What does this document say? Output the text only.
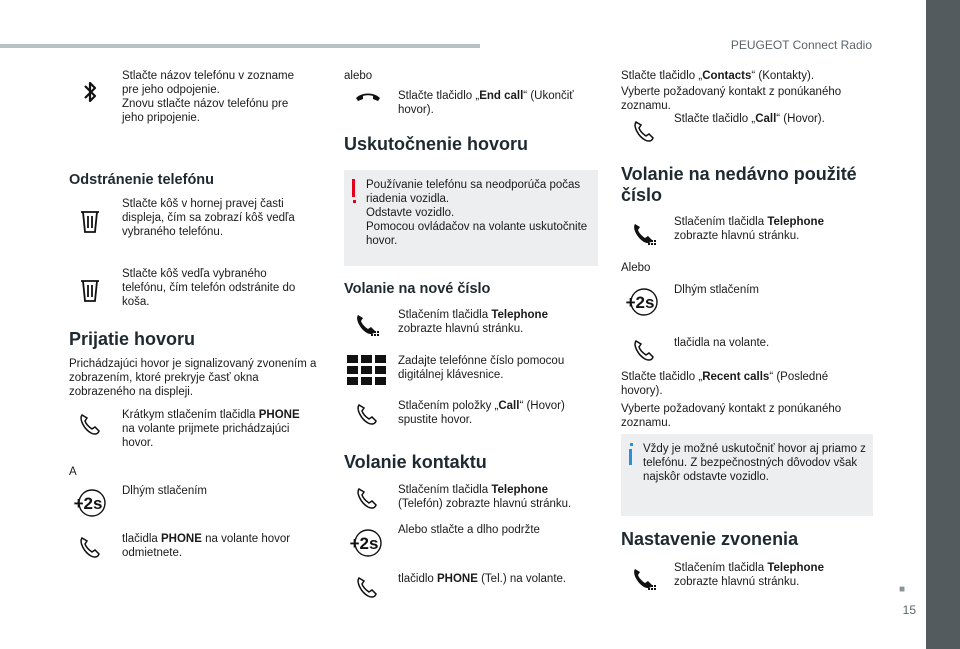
PEUGEOT Connect Radio
■
15
Stlačte názov telefónu v zozname pre jeho odpojenie.
Znovu stlačte názov telefónu pre jeho pripojenie.
Odstránenie telefónu
Stlačte kôš v hornej pravej časti displeja, čím sa zobrazí kôš vedľa vybraného telefónu.
Stlačte kôš vedľa vybraného telefónu, čím telefón odstránite do koša.
Prijatie hovoru
Prichádzajúci hovor je signalizovaný zvonením a zobrazením, ktoré prekryje časť okna zobrazeného na displeji.
Krátkym stlačením tlačidla PHONE
na volante prijmete prichádzajúci hovor.
A
+2s
Dlhým stlačením
tlačidla PHONE na volante hovor odmietnete.
alebo
Stlačte tlačidlo „End call“ (Ukončiť hovor).
Uskutočnenie hovoru
Používanie telefónu sa neodporúča počas riadenia vozidla.
Odstavte vozidlo.
Pomocou ovládačov na volante uskutočnite hovor.
Volanie na nové číslo
Stlačením tlačidla Telephone
zobrazte hlavnú stránku.
Zadajte telefónne číslo pomocou digitálnej klávesnice.
Stlačením položky „Call“ (Hovor) spustite hovor.
Volanie kontaktu
Stlačením tlačidla Telephone
(Telefón) zobrazte hlavnú stránku.
+2s
Alebo stlačte a dlho podržte
tlačidlo PHONE (Tel.) na volante.
Stlačte tlačidlo „Contacts“ (Kontakty).
Vyberte požadovaný kontakt z ponúkaného zoznamu.
Stlačte tlačidlo „Call“ (Hovor).
Volanie na nedávno použité číslo
Stlačením tlačidla Telephone
zobrazte hlavnú stránku.
Alebo
+2s
Dlhým stlačením
tlačidla na volante.
Stlačte tlačidlo „Recent calls“ (Posledné hovory).
Vyberte požadovaný kontakt z ponúkaného zoznamu.
Vždy je možné uskutočniť hovor aj priamo z telefónu. Z bezpečnostných dôvodov však najskôr odstavte vozidlo.
Nastavenie zvonenia
Stlačením tlačidla Telephone
zobrazte hlavnú stránku.
